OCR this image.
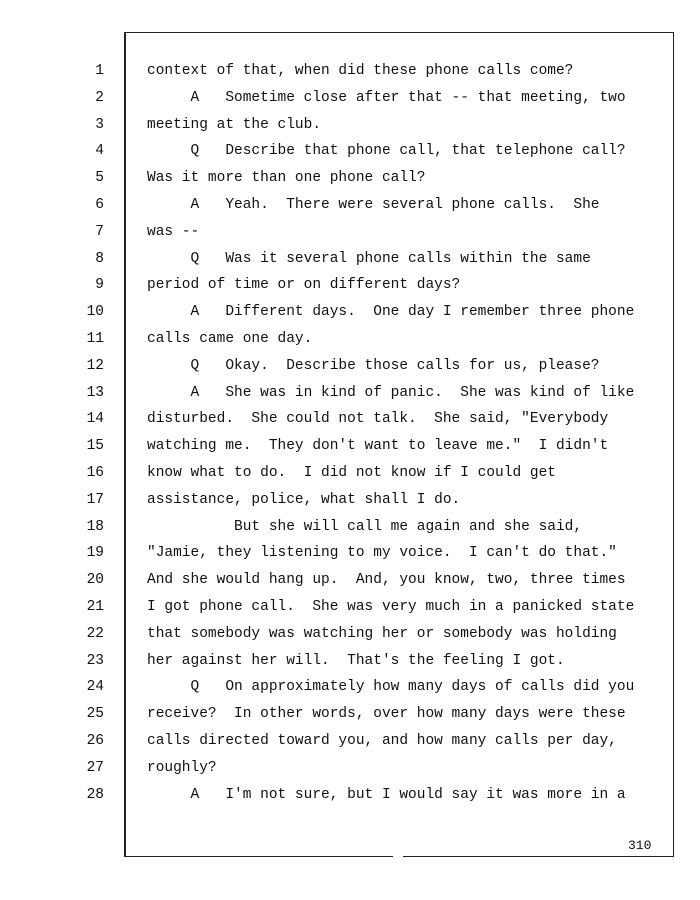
1	context of that, when did these phone calls come?
2	A   Sometime close after that -- that meeting, two
3	meeting at the club.
4	Q   Describe that phone call, that telephone call?
5	Was it more than one phone call?
6	A   Yeah.  There were several phone calls.  She
7	was --
8	Q   Was it several phone calls within the same
9	period of time or on different days?
10	A   Different days.  One day I remember three phone
11	calls came one day.
12	Q   Okay.  Describe those calls for us, please?
13	A   She was in kind of panic.  She was kind of like
14	disturbed.  She could not talk.  She said, "Everybody
15	watching me.  They don't want to leave me."  I didn't
16	know what to do.  I did not know if I could get
17	assistance, police, what shall I do.
18	But she will call me again and she said,
19	"Jamie, they listening to my voice.  I can't do that."
20	And she would hang up.  And, you know, two, three times
21	I got phone call.  She was very much in a panicked state
22	that somebody was watching her or somebody was holding
23	her against her will.  That's the feeling I got.
24	Q   On approximately how many days of calls did you
25	receive?  In other words, over how many days were these
26	calls directed toward you, and how many calls per day,
27	roughly?
28	A   I'm not sure, but I would say it was more in a
310
